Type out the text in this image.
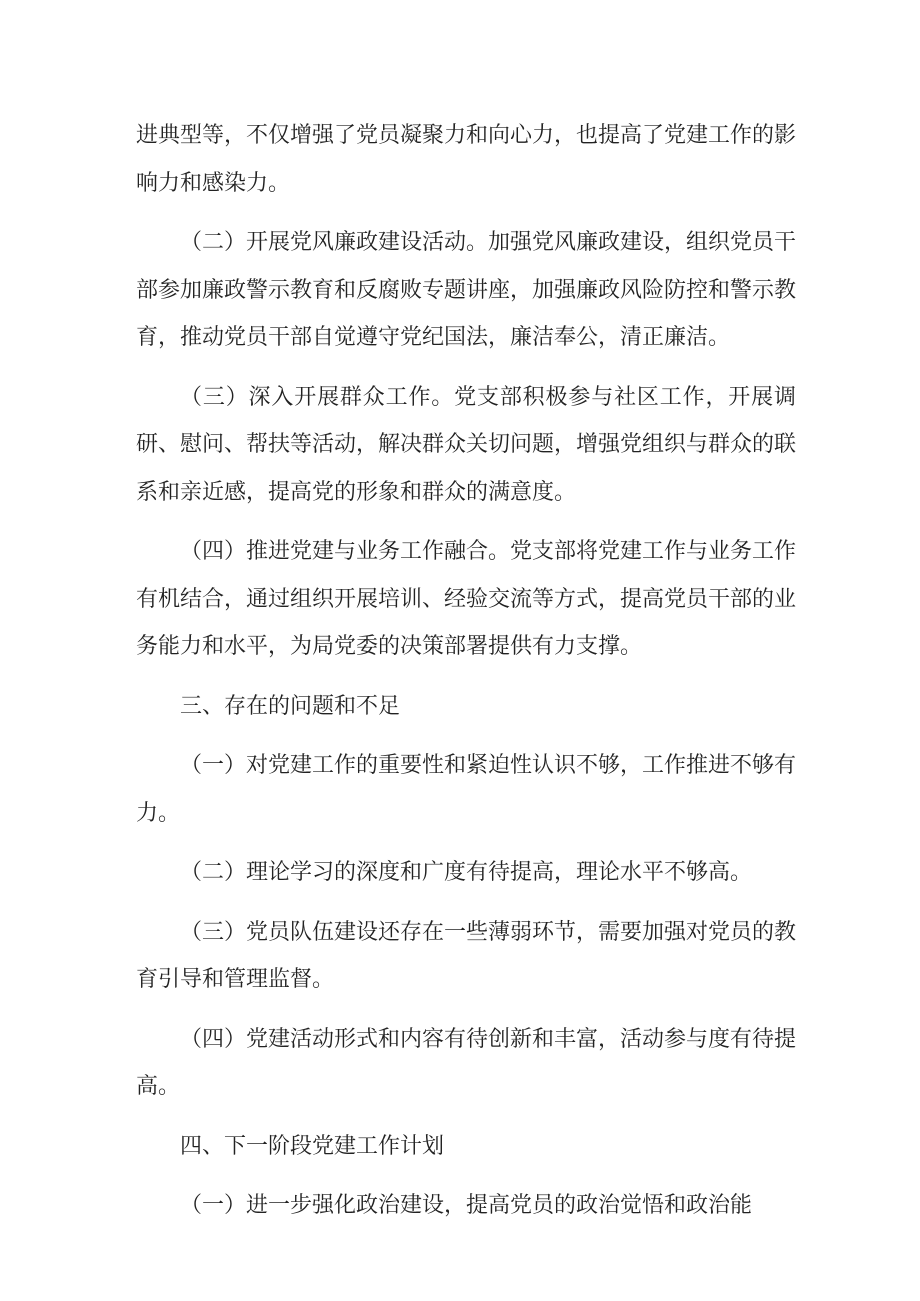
进典型等，不仅增强了党员凝聚力和向心力，也提高了党建工作的影响力和感染力。

（二）开展党风廉政建设活动。加强党风廉政建设，组织党员干部参加廉政警示教育和反腐败专题讲座，加强廉政风险防控和警示教育，推动党员干部自觉遵守党纪国法，廉洁奉公，清正廉洁。

（三）深入开展群众工作。党支部积极参与社区工作，开展调研、慰问、帮扶等活动，解决群众关切问题，增强党组织与群众的联系和亲近感，提高党的形象和群众的满意度。

（四）推进党建与业务工作融合。党支部将党建工作与业务工作有机结合，通过组织开展培训、经验交流等方式，提高党员干部的业务能力和水平，为局党委的决策部署提供有力支撑。

三、存在的问题和不足

（一）对党建工作的重要性和紧迫性认识不够，工作推进不够有力。

（二）理论学习的深度和广度有待提高，理论水平不够高。

（三）党员队伍建设还存在一些薄弱环节，需要加强对党员的教育引导和管理监督。

（四）党建活动形式和内容有待创新和丰富，活动参与度有待提高。

四、下一阶段党建工作计划

（一）进一步强化政治建设，提高党员的政治觉悟和政治能
